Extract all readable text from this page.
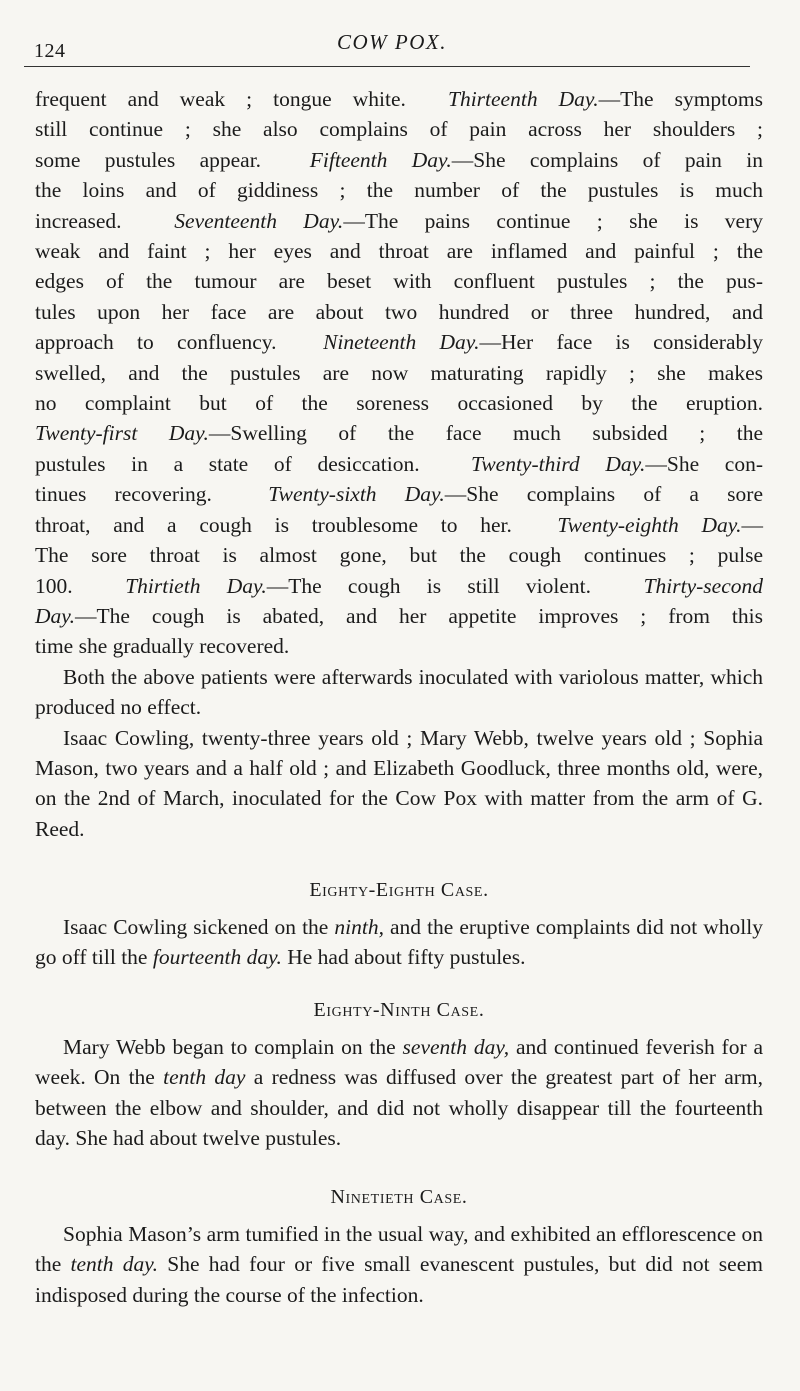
124	COW POX.
frequent and weak ; tongue white. Thirteenth Day.—The symptoms
still continue ; she also complains of pain across her shoulders ;
some pustules appear. Fifteenth Day.—She complains of pain in
the loins and of giddiness ; the number of the pustules is much
increased. Seventeenth Day.—The pains continue ; she is very
weak and faint ; her eyes and throat are inflamed and painful ; the
edges of the tumour are beset with confluent pustules ; the pus-
tules upon her face are about two hundred or three hundred, and
approach to confluency. Nineteenth Day.—Her face is considerably
swelled, and the pustules are now maturating rapidly ; she makes
no complaint but of the soreness occasioned by the eruption.
Twenty-first Day.—Swelling of the face much subsided ; the
pustules in a state of desiccation. Twenty-third Day.—She con-
tinues recovering.	Twenty-sixth Day.—She complains of a sore
throat, and a cough is troublesome to her. Twenty-eighth Day.—
The sore throat is almost gone, but the cough continues ; pulse
100. Thirtieth Day.—The cough is still violent. Thirty-second
Day.—The cough is abated, and her appetite improves ; from this
time she gradually recovered.

Both the above patients were afterwards inoculated with variolous matter, which produced no effect.

Isaac Cowling, twenty-three years old ; Mary Webb, twelve years old ; Sophia Mason, two years and a half old ; and Elizabeth Goodluck, three months old, were, on the 2nd of March, inoculated for the Cow Pox with matter from the arm of G. Reed.

Eighty-Eighth Case.

Isaac Cowling sickened on the ninth, and the eruptive complaints did not wholly go off till the fourteenth day. He had about fifty pustules.

Eighty-Ninth Case.

Mary Webb began to complain on the seventh day, and continued feverish for a week. On the tenth day a redness was diffused over the greatest part of her arm, between the elbow and shoulder, and did not wholly disappear till the fourteenth day. She had about twelve pustules.

Ninetieth Case.

Sophia Mason’s arm tumified in the usual way, and exhibited an efflorescence on the tenth day. She had four or five small evanescent pustules, but did not seem indisposed during the course of the infection.
